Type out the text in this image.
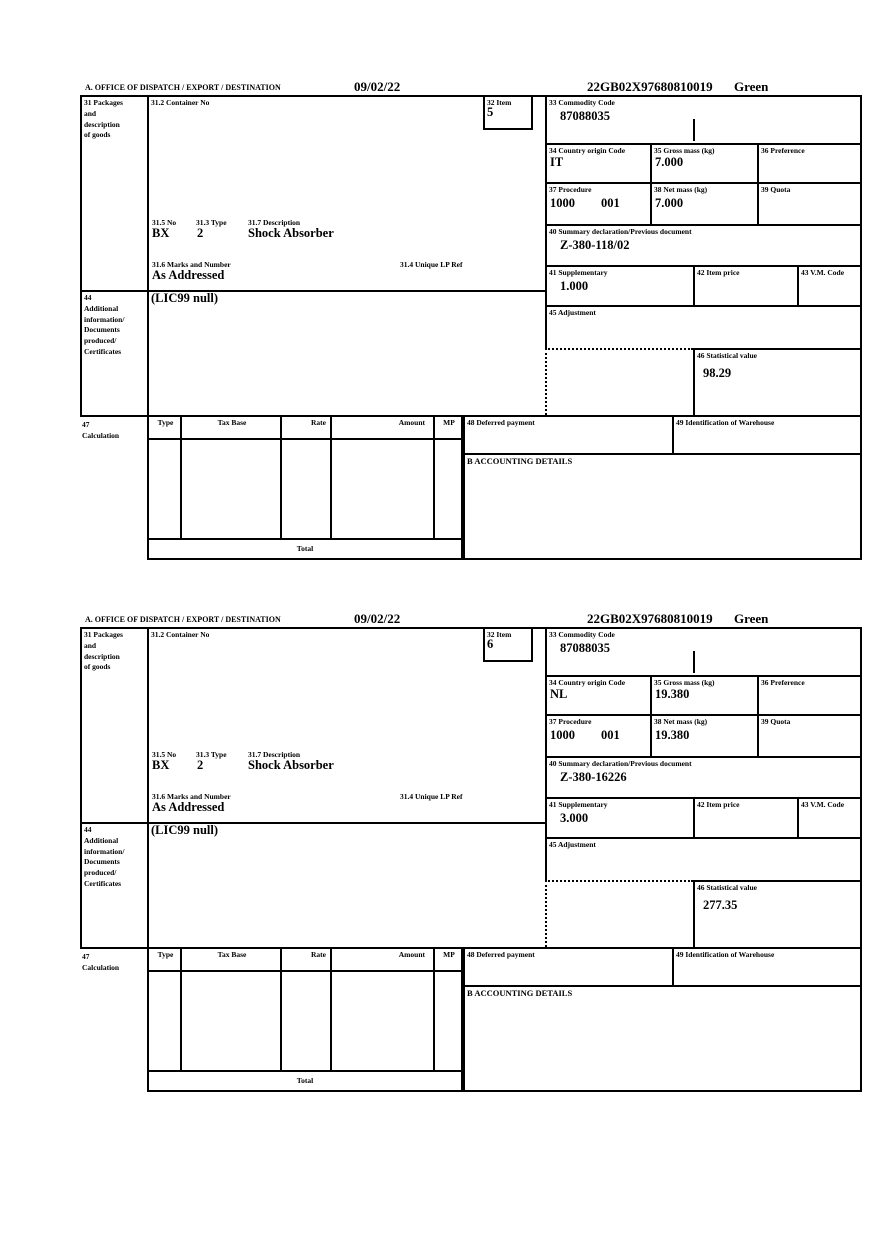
A. OFFICE OF DISPATCH / EXPORT / DESTINATION	09/02/22	22GB02X97680810019 Green
31 Packages
and
description
of goods
31.2 Container No
31.5 No	31.3 Type	31.7 Description
BX 2	Shock Absorber
31.6 Marks and Number	31.4 Unique LP Ref
As Addressed
32 Item
5
33 Commodity Code
87088035
34 Country origin Code
IT
35 Gross mass (kg)
7.000
36 Preference
37 Procedure
1000 001
38 Net mass (kg)
7.000
39 Quota
40 Summary declaration/Previous document
Z-380-118/02
41 Supplementary
1.000
42 Item price	43 V.M. Code
44
Additional
information/
Documents
produced/
Certificates
(LIC99 null)
45 Adjustment
46 Statistical value
98.29
47
Calculation
Type	Tax Base	Rate	Amount	MP
Total
48 Deferred payment	49 Identification of Warehouse
B ACCOUNTING DETAILS
A. OFFICE OF DISPATCH / EXPORT / DESTINATION	09/02/22	22GB02X97680810019 Green
31 Packages
and
description
of goods
31.2 Container No
31.5 No	31.3 Type	31.7 Description
BX 2	Shock Absorber
31.6 Marks and Number	31.4 Unique LP Ref
As Addressed
32 Item
6
33 Commodity Code
87088035
34 Country origin Code
NL
35 Gross mass (kg)
19.380
36 Preference
37 Procedure
1000 001
38 Net mass (kg)
19.380
39 Quota
40 Summary declaration/Previous document
Z-380-16226
41 Supplementary
3.000
42 Item price	43 V.M. Code
44
Additional
information/
Documents
produced/
Certificates
(LIC99 null)
45 Adjustment
46 Statistical value
277.35
47
Calculation
Type	Tax Base	Rate	Amount	MP
Total
48 Deferred payment	49 Identification of Warehouse
B ACCOUNTING DETAILS
